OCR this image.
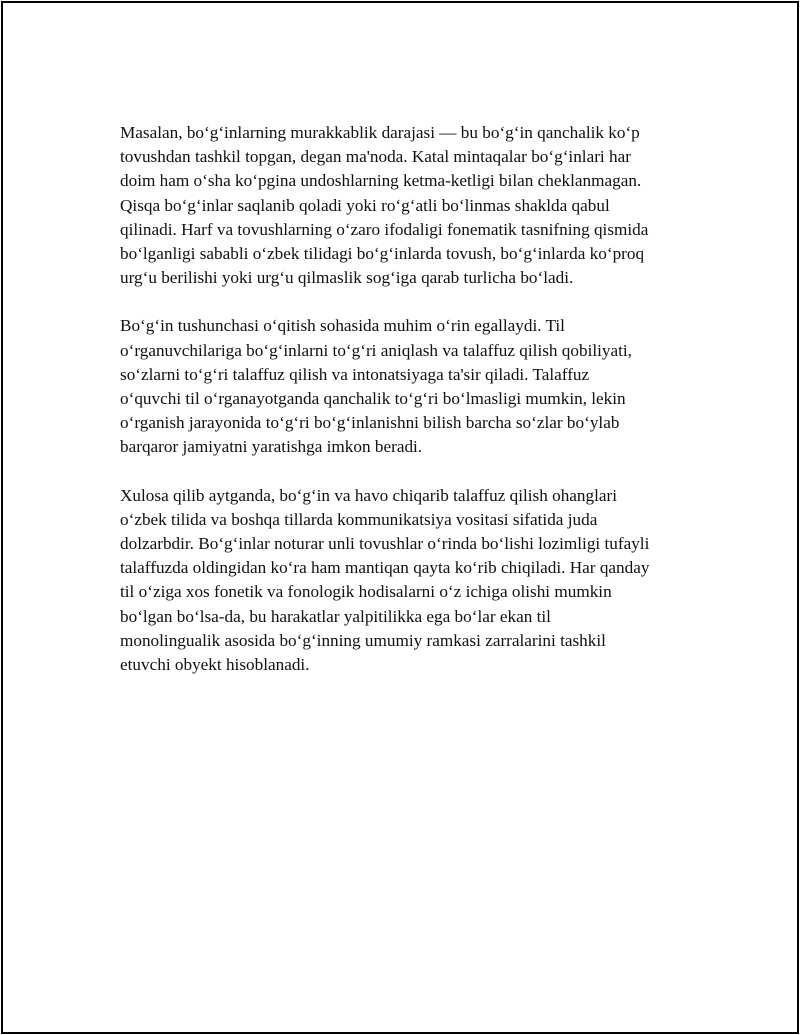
Masalan, bo‘g‘inlarning murakkablik darajasi — bu bo‘g‘in qanchalik ko‘p
tovushdan tashkil topgan, degan ma'noda. Katal mintaqalar bo‘g‘inlari har
doim ham o‘sha ko‘pgina undoshlarning ketma-ketligi bilan cheklanmagan.
Qisqa bo‘g‘inlar saqlanib qoladi yoki ro‘g‘atli bo‘linmas shaklda qabul
qilinadi. Harf va tovushlarning o‘zaro ifodaligi fonematik tasnifning qismida
bo‘lganligi sababli o‘zbek tilidagi bo‘g‘inlarda tovush, bo‘g‘inlarda ko‘proq
urg‘u berilishi yoki urg‘u qilmaslik sog‘iga qarab turlicha bo‘ladi.

Bo‘g‘in tushunchasi o‘qitish sohasida muhim o‘rin egallaydi. Til
o‘rganuvchilariga bo‘g‘inlarni to‘g‘ri aniqlash va talaffuz qilish qobiliyati,
so‘zlarni to‘g‘ri talaffuz qilish va intonatsiyaga ta'sir qiladi. Talaffuz
o‘quvchi til o‘rganayotganda qanchalik to‘g‘ri bo‘lmasligi mumkin, lekin
o‘rganish jarayonida to‘g‘ri bo‘g‘inlanishni bilish barcha so‘zlar bo‘ylab
barqaror jamiyatni yaratishga imkon beradi.

Xulosa qilib aytganda, bo‘g‘in va havo chiqarib talaffuz qilish ohanglari
o‘zbek tilida va boshqa tillarda kommunikatsiya vositasi sifatida juda
dolzarbdir. Bo‘g‘inlar noturar unli tovushlar o‘rinda bo‘lishi lozimligi tufayli
talaffuzda oldingidan ko‘ra ham mantiqan qayta ko‘rib chiqiladi. Har qanday
til o‘ziga xos fonetik va fonologik hodisalarni o‘z ichiga olishi mumkin
bo‘lgan bo‘lsa-da, bu harakatlar yalpitilikka ega bo‘lar ekan til
monolingualik asosida bo‘g‘inning umumiy ramkasi zarralarini tashkil
etuvchi obyekt hisoblanadi.
